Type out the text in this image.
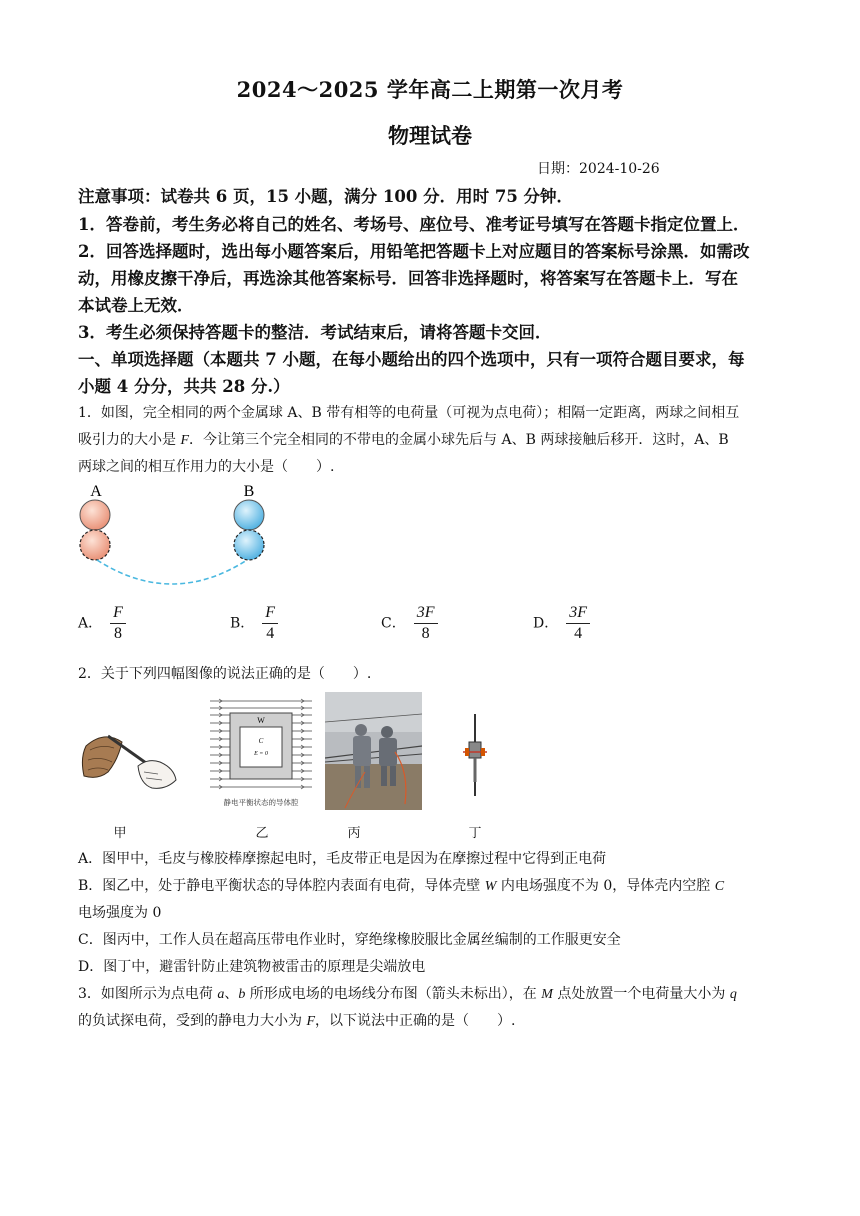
2024～2025 学年高二上期第一次月考
物理试卷
日期：2024-10-26
注意事项：试卷共 6 页，15 小题，满分 100 分．用时 75 分钟．
1．答卷前，考生务必将自己的姓名、考场号、座位号、准考证号填写在答题卡指定位置上．
2．回答选择题时，选出每小题答案后，用铅笔把答题卡上对应题目的答案标号涂黑．如需改
动，用橡皮擦干净后，再选涂其他答案标号．回答非选择题时，将答案写在答题卡上．写在
本试卷上无效．
3．考生必须保持答题卡的整洁．考试结束后，请将答题卡交回．
一、单项选择题（本题共 7 小题，在每小题给出的四个选项中，只有一项符合题目要求，每
小题 4 分分，共共 28 分.）
1．如图，完全相同的两个金属球 A、B 带有相等的电荷量（可视为点电荷）；相隔一定距离，两球之间相互
吸引力的大小是 F．今让第三个完全相同的不带电的金属小球先后与 A、B 两球接触后移开．这时，A、B
两球之间的相互作用力的大小是（　　）.
A	B
A． $\frac{F}{8}$	B． $\frac{F}{4}$	C． $\frac{3F}{8}$	D． $\frac{3F}{4}$
2．关于下列四幅图像的说法正确的是（　　）.
W
C
E = 0
静电平衡状态的导体腔
甲	乙	丙	丁
A．图甲中，毛皮与橡胶棒摩擦起电时，毛皮带正电是因为在摩擦过程中它得到正电荷
B．图乙中，处于静电平衡状态的导体腔内表面有电荷，导体壳壁 W 内电场强度不为 0，导体壳内空腔 C
电场强度为 0
C．图丙中，工作人员在超高压带电作业时，穿绝缘橡胶服比金属丝编制的工作服更安全
D．图丁中，避雷针防止建筑物被雷击的原理是尖端放电
3．如图所示为点电荷 a、b 所形成电场的电场线分布图（箭头未标出），在 M 点处放置一个电荷量大小为 q
的负试探电荷，受到的静电力大小为 F，以下说法中正确的是（　　）.
